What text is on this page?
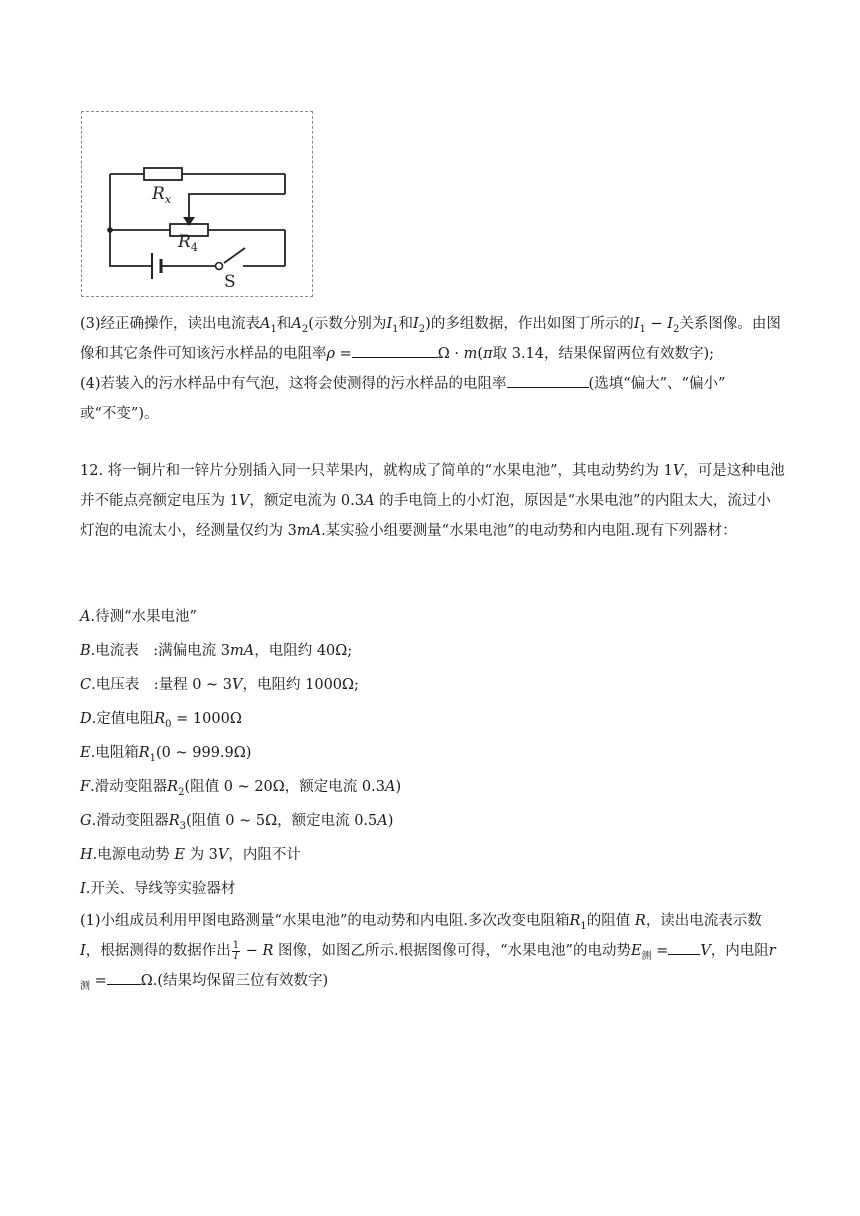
$R_x$
$R_4$
S

(3)经正确操作，读出电流表$A_1$和$A_2$(示数分别为$I_1$和$I_2$)的多组数据，作出如图丁所示的$I_1 - I_2$关系图像。由图像和其它条件可知该污水样品的电阻率ρ =	Ω · m(π取 3.14，结果保留两位有效数字);

(4)若装入的污水样品中有气泡，这将会使测得的污水样品的电阻率	(选填“偏大”、“偏小”
或“不变”)。

12. 将一铜片和一锌片分别插入同一只苹果内，就构成了简单的“水果电池”，其电动势约为 1V，可是这种电池并不能点亮额定电压为 1V，额定电流为 0.3A 的手电筒上的小灯泡，原因是“水果电池”的内阻太大，流过小灯泡的电流太小，经测量仅约为 3mA.某实验小组要测量“水果电池”的电动势和内电阻.现有下列器材：

A.待测“水果电池”

B.电流表　:满偏电流 3mA，电阻约 40Ω;

C.电压表　:量程 0 ~ 3V，电阻约 1000Ω;

D.定值电阻$R_0 = 1000\Omega$

E.电阻箱$R_1(0$ ~ 999.9Ω)

F.滑动变阻器$R_2$(阻值 0 ~ 20Ω，额定电流 0.3A)

G.滑动变阻器$R_3$(阻值 0 ~ 5Ω，额定电流 0.5A)

H.电源电动势 E 为 3V，内阻不计

I.开关、导线等实验器材

(1)小组成员利用甲图电路测量“水果电池”的电动势和内电阻.多次改变电阻箱$R_1$的阻值 R，读出电流表示数 I，根据测得的数据作出 $\frac{1}{I} - R$ 图像，如图乙所示.根据图像可得，“水果电池”的电动势$E_测 = V$，内电阻$r_测 = \Omega$.(结果均保留三位有效数字)
